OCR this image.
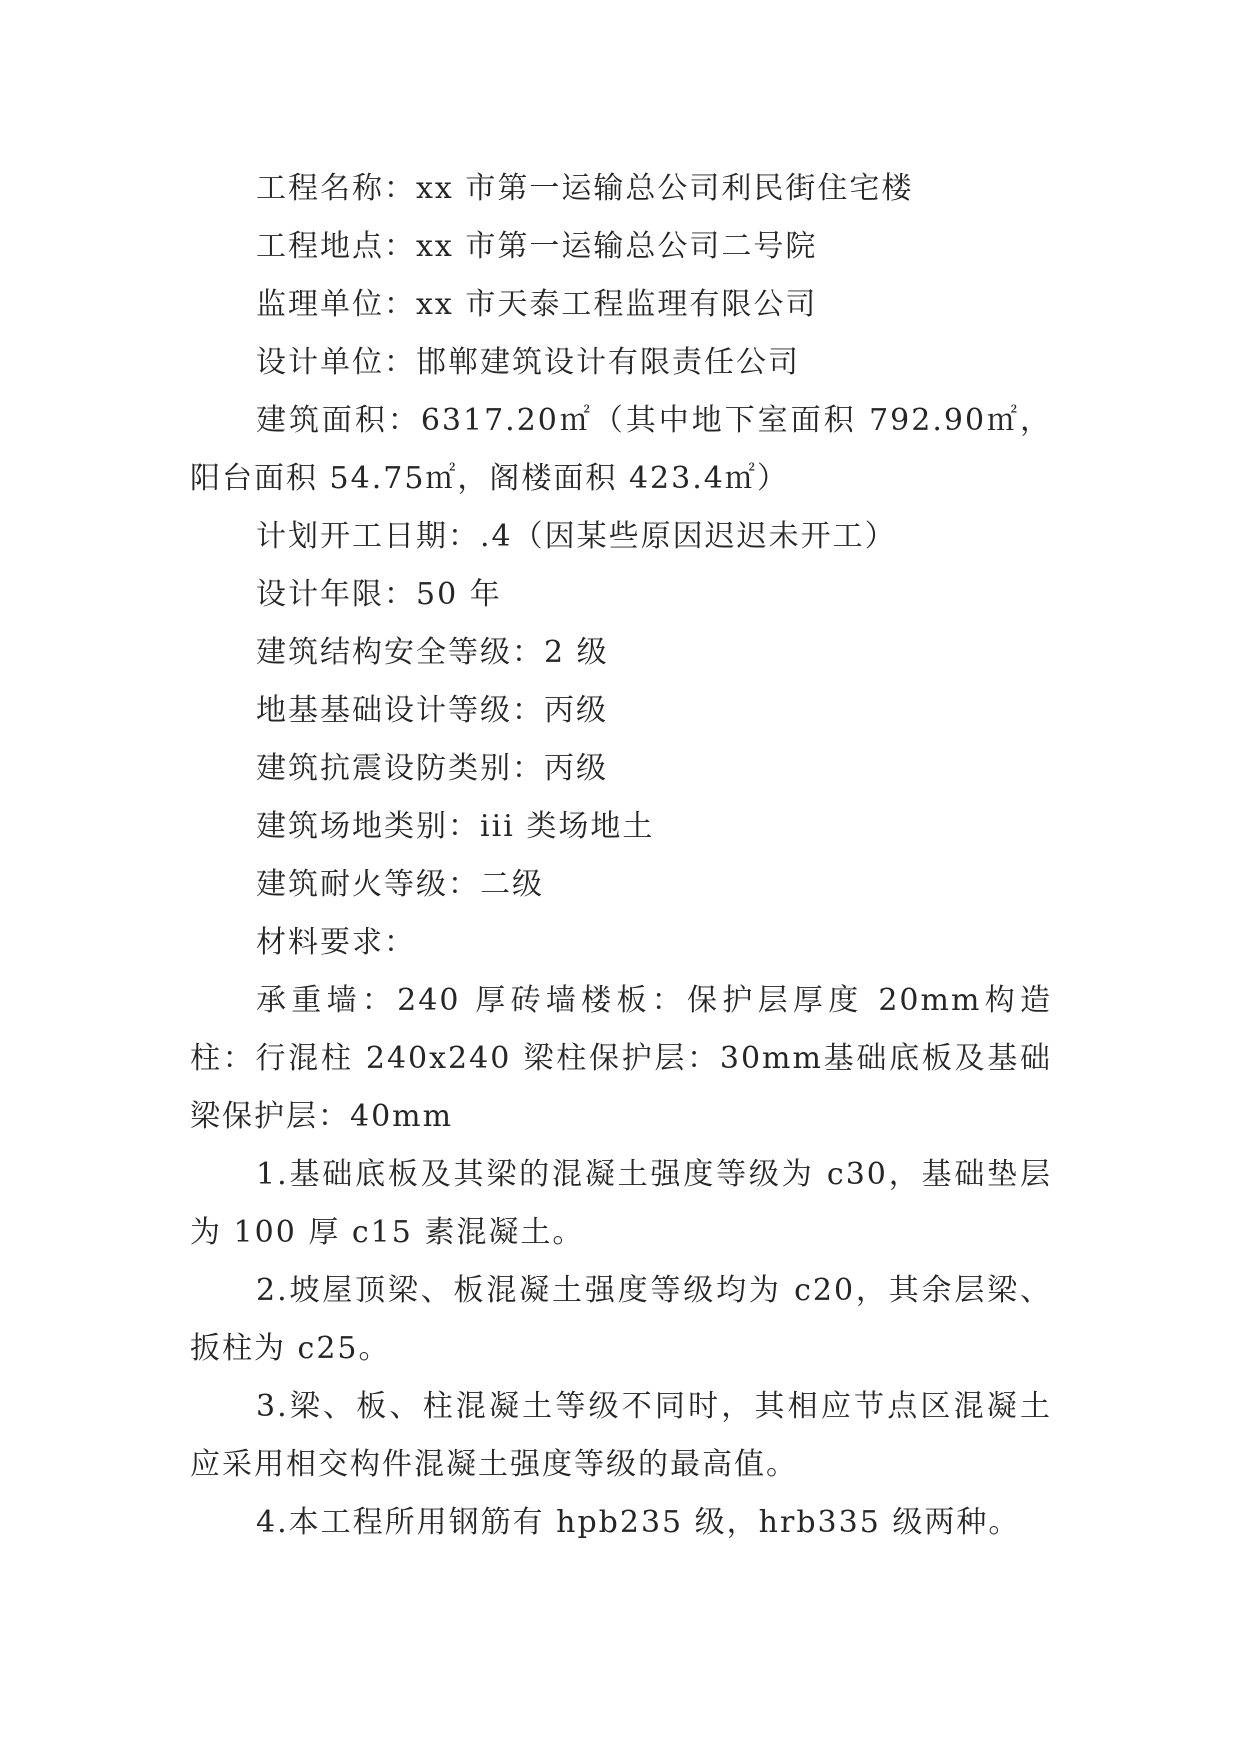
工程名称：xx 市第一运输总公司利民街住宅楼

工程地点：xx 市第一运输总公司二号院

监理单位：xx 市天泰工程监理有限公司

设计单位：邯郸建筑设计有限责任公司

建筑面积：6317.20㎡（其中地下室面积 792.90㎡，阳台面积 54.75㎡，阁楼面积 423.4㎡）

计划开工日期：.4（因某些原因迟迟未开工）

设计年限：50 年

建筑结构安全等级：2 级

地基基础设计等级：丙级

建筑抗震设防类别：丙级

建筑场地类别：iii 类场地土

建筑耐火等级：二级

材料要求：

承重墙：240 厚砖墙楼板：保护层厚度 20mm构造柱：行混柱 240x240 梁柱保护层：30mm基础底板及基础梁保护层：40mm

1.基础底板及其梁的混凝土强度等级为 c30，基础垫层为 100 厚 c15 素混凝土。

2.坡屋顶梁、板混凝土强度等级均为 c20，其余层梁、扳柱为 c25。

3.梁、板、柱混凝土等级不同时，其相应节点区混凝土应采用相交构件混凝土强度等级的最高值。

4.本工程所用钢筋有 hpb235 级，hrb335 级两种。
